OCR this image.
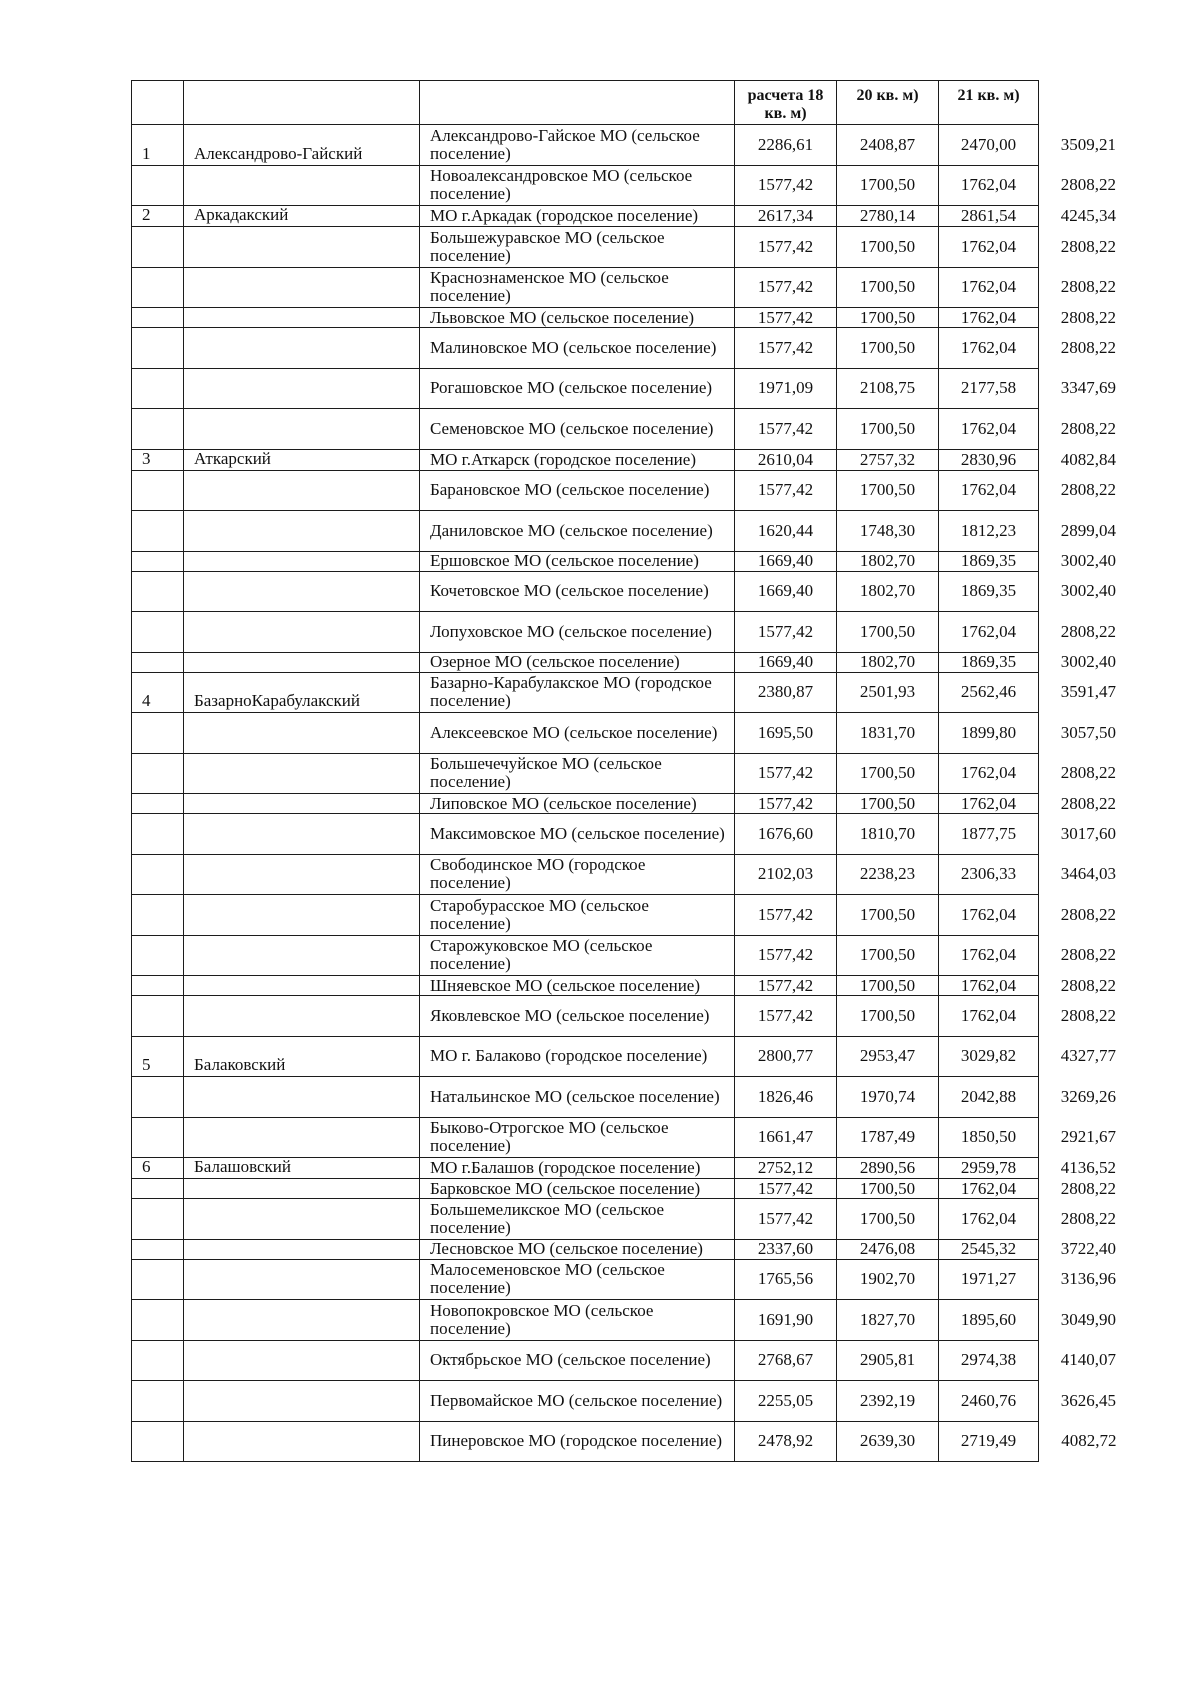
			расчета 18 кв. м)	20 кв. м)	21 кв. м)	
1	Александрово-Гайский	Александрово-Гайское МО (сельское поселение)	2286,61	2408,87	2470,00	3509,21
		Новоалександровское МО (сельское поселение)	1577,42	1700,50	1762,04	2808,22
2	Аркадакский	МО г.Аркадак (городское поселение)	2617,34	2780,14	2861,54	4245,34
		Большежуравское МО (сельское поселение)	1577,42	1700,50	1762,04	2808,22
		Краснознаменское МО (сельское поселение)	1577,42	1700,50	1762,04	2808,22
		Львовское МО (сельское поселение)	1577,42	1700,50	1762,04	2808,22
		Малиновское МО (сельское поселение)	1577,42	1700,50	1762,04	2808,22
		Рогашовское МО (сельское поселение)	1971,09	2108,75	2177,58	3347,69
		Семеновское МО (сельское поселение)	1577,42	1700,50	1762,04	2808,22
3	Аткарский	МО г.Аткарск (городское поселение)	2610,04	2757,32	2830,96	4082,84
		Барановское МО (сельское поселение)	1577,42	1700,50	1762,04	2808,22
		Даниловское МО (сельское поселение)	1620,44	1748,30	1812,23	2899,04
		Ершовское МО (сельское поселение)	1669,40	1802,70	1869,35	3002,40
		Кочетовское МО (сельское поселение)	1669,40	1802,70	1869,35	3002,40
		Лопуховское МО (сельское поселение)	1577,42	1700,50	1762,04	2808,22
		Озерное МО (сельское поселение)	1669,40	1802,70	1869,35	3002,40
4	БазарноКарабулакский	Базарно-Карабулакское МО (городское поселение)	2380,87	2501,93	2562,46	3591,47
		Алексеевское МО (сельское поселение)	1695,50	1831,70	1899,80	3057,50
		Большечечуйское МО (сельское поселение)	1577,42	1700,50	1762,04	2808,22
		Липовское МО (сельское поселение)	1577,42	1700,50	1762,04	2808,22
		Максимовское МО (сельское поселение)	1676,60	1810,70	1877,75	3017,60
		Свободинское МО (городское поселение)	2102,03	2238,23	2306,33	3464,03
		Старобурасское МО (сельское поселение)	1577,42	1700,50	1762,04	2808,22
		Старожуковское МО (сельское поселение)	1577,42	1700,50	1762,04	2808,22
		Шняевское МО (сельское поселение)	1577,42	1700,50	1762,04	2808,22
		Яковлевское МО (сельское поселение)	1577,42	1700,50	1762,04	2808,22
5	Балаковский	МО г. Балаково (городское поселение)	2800,77	2953,47	3029,82	4327,77
		Натальинское МО (сельское поселение)	1826,46	1970,74	2042,88	3269,26
		Быково-Отрогское МО (сельское поселение)	1661,47	1787,49	1850,50	2921,67
6	Балашовский	МО г.Балашов (городское поселение)	2752,12	2890,56	2959,78	4136,52
		Барковское МО (сельское поселение)	1577,42	1700,50	1762,04	2808,22
		Большемеликское МО (сельское поселение)	1577,42	1700,50	1762,04	2808,22
		Лесновское МО (сельское поселение)	2337,60	2476,08	2545,32	3722,40
		Малосеменовское МО (сельское поселение)	1765,56	1902,70	1971,27	3136,96
		Новопокровское МО (сельское поселение)	1691,90	1827,70	1895,60	3049,90
		Октябрьское МО (сельское поселение)	2768,67	2905,81	2974,38	4140,07
		Первомайское МО (сельское поселение)	2255,05	2392,19	2460,76	3626,45
		Пинеровское МО (городское поселение)	2478,92	2639,30	2719,49	4082,72
